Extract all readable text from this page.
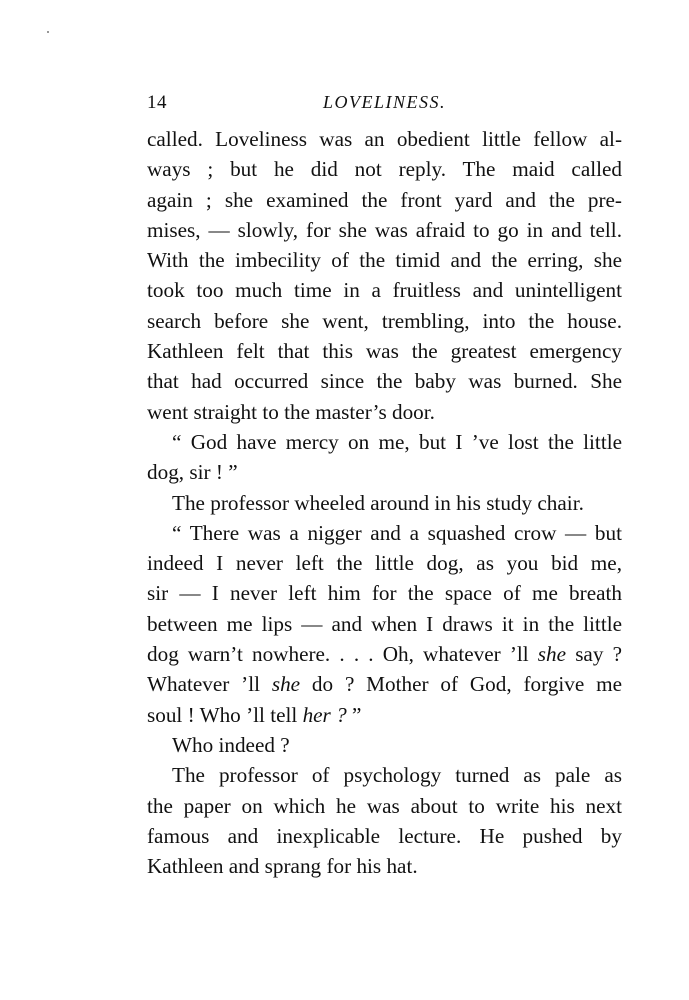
14	LOVELINESS.
called. Loveliness was an obedient little fellow al-
ways ; but he did not reply. The maid called
again ; she examined the front yard and the pre-
mises, — slowly, for she was afraid to go in and tell.
With the imbecility of the timid and the erring, she
took too much time in a fruitless and unintelligent
search before she went, trembling, into the house.
Kathleen felt that this was the greatest emergency
that had occurred since the baby was burned. She
went straight to the master’s door.
“ God have mercy on me, but I ’ve lost the little
dog, sir ! ”
The professor wheeled around in his study chair.
“ There was a nigger and a squashed crow — but
indeed I never left the little dog, as you bid me,
sir — I never left him for the space of me breath
between me lips — and when I draws it in the little
dog warn’t nowhere. . . . Oh, whatever ’ll she say ?
Whatever ’ll she do ? Mother of God, forgive me
soul ! Who ’ll tell her ? ”
Who indeed ?
The professor of psychology turned as pale as
the paper on which he was about to write his next
famous and inexplicable lecture. He pushed by
Kathleen and sprang for his hat.
